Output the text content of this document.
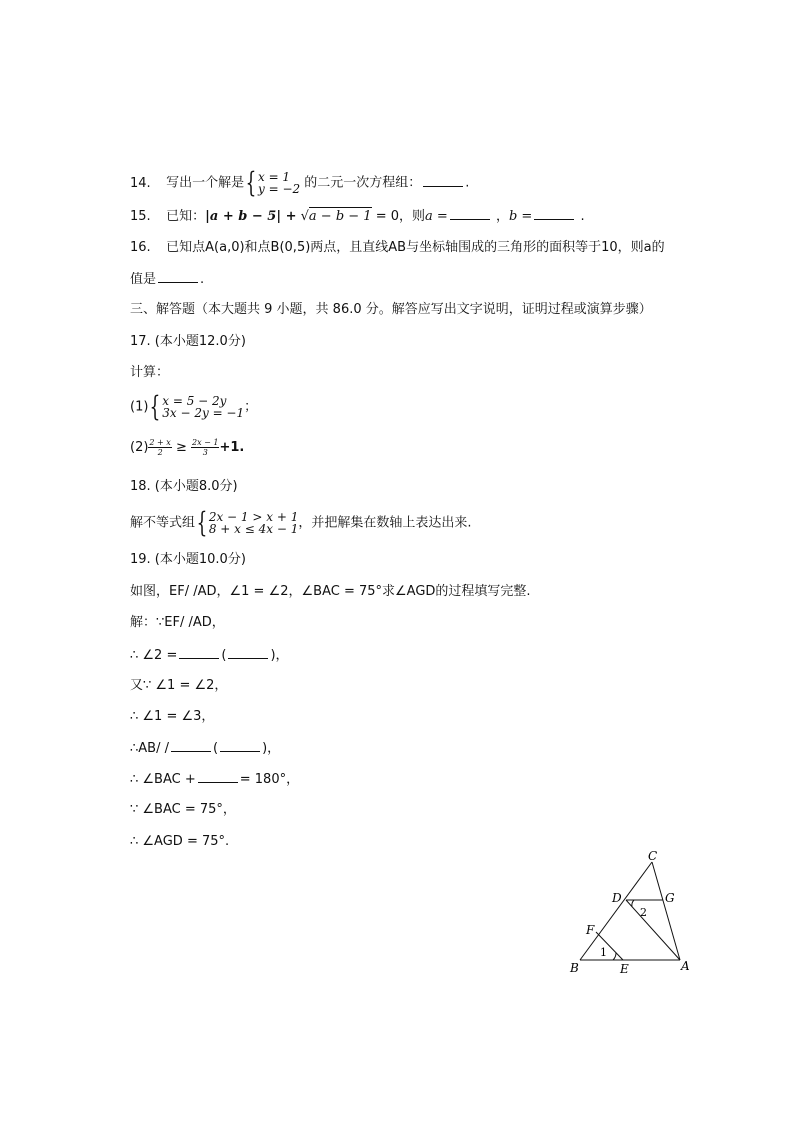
14. 写出一个解是{ x = 1
y = −2 的二元一次方程组：	.
15. 已知：|a + b − 5| + √a − b − 1 = 0，则a =	，b =	.
16. 已知点A(a,0)和点B(0,5)两点，且直线AB与坐标轴围成的三角形的面积等于10，则a的
值是	.
三、解答题（本大题共 9 小题，共 86.0 分。解答应写出文字说明，证明过程或演算步骤）
17. (本小题12.0分)
计算：
(1){ x = 5 − 2y
3x − 2y = −1 ；
$(2) \frac{2 + x}{2} \ge \frac{2x - 1}{3} +1$.
18. (本小题8.0分)
解不等式组{ 2x − 1 > x + 1
8 + x ≤ 4x − 1 ，并把解集在数轴上表达出来.
19. (本小题10.0分)
如图，EF/ /AD，∠1 = ∠2，∠BAC = 75°求∠AGD的过程填写完整.
解：∵EF/ /AD，
∴ ∠2 =	(	)，
又∵ ∠1 = ∠2，
∴ ∠1 = ∠3，
∴AB/ /	(	)，
∴ ∠BAC +	= 180°，
∵ ∠BAC = 75°，
∴ ∠AGD = 75°.
C
D	G
F
B	E	A
1
2
